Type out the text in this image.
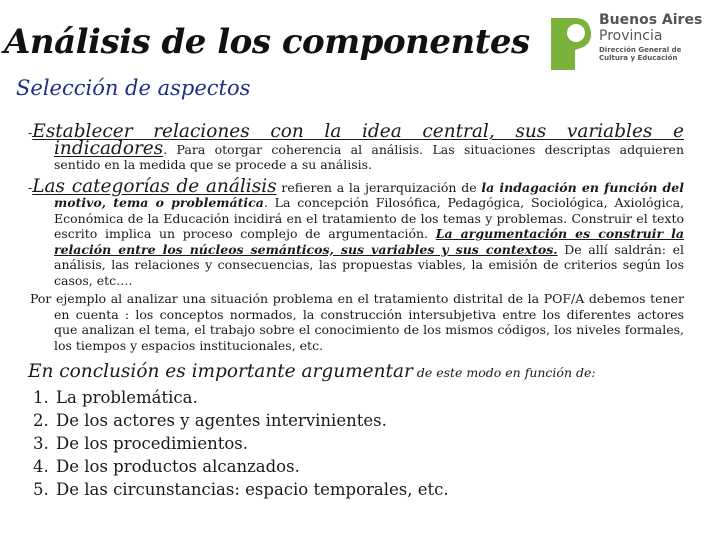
Análisis de los componentes
Buenos Aires
Provincia
Dirección General de
Cultura y Educación
Selección de aspectos
-Establecer relaciones con la idea central, sus variables e indicadores. Para otorgar coherencia al análisis. Las situaciones descriptas adquieren sentido en la medida que se procede a su análisis.
-Las categorías de análisis refieren a la jerarquización de la indagación en función del motivo, tema o problemática. La concepción Filosófica, Pedagógica, Sociológica, Axiológica, Económica de la Educación incidirá en el tratamiento de los temas y problemas. Construir el texto escrito implica un proceso complejo de argumentación. La argumentación es construir la relación entre los núcleos semánticos, sus variables y sus contextos. De allí saldrán: el análisis, las relaciones y consecuencias, las propuestas viables, la emisión de criterios según los casos, etc.…
Por ejemplo al analizar una situación problema en el tratamiento distrital de la POF/A debemos tener en cuenta : los conceptos normados, la construcción intersubjetiva entre los diferentes actores que analizan el tema, el trabajo sobre el conocimiento de los mismos códigos, los niveles formales, los tiempos y espacios institucionales, etc.
En conclusión es importante argumentar de este modo en función de:
1. La problemática.
2. De los actores y agentes intervinientes.
3. De los procedimientos.
4. De los productos alcanzados.
5. De las circunstancias: espacio temporales, etc.
